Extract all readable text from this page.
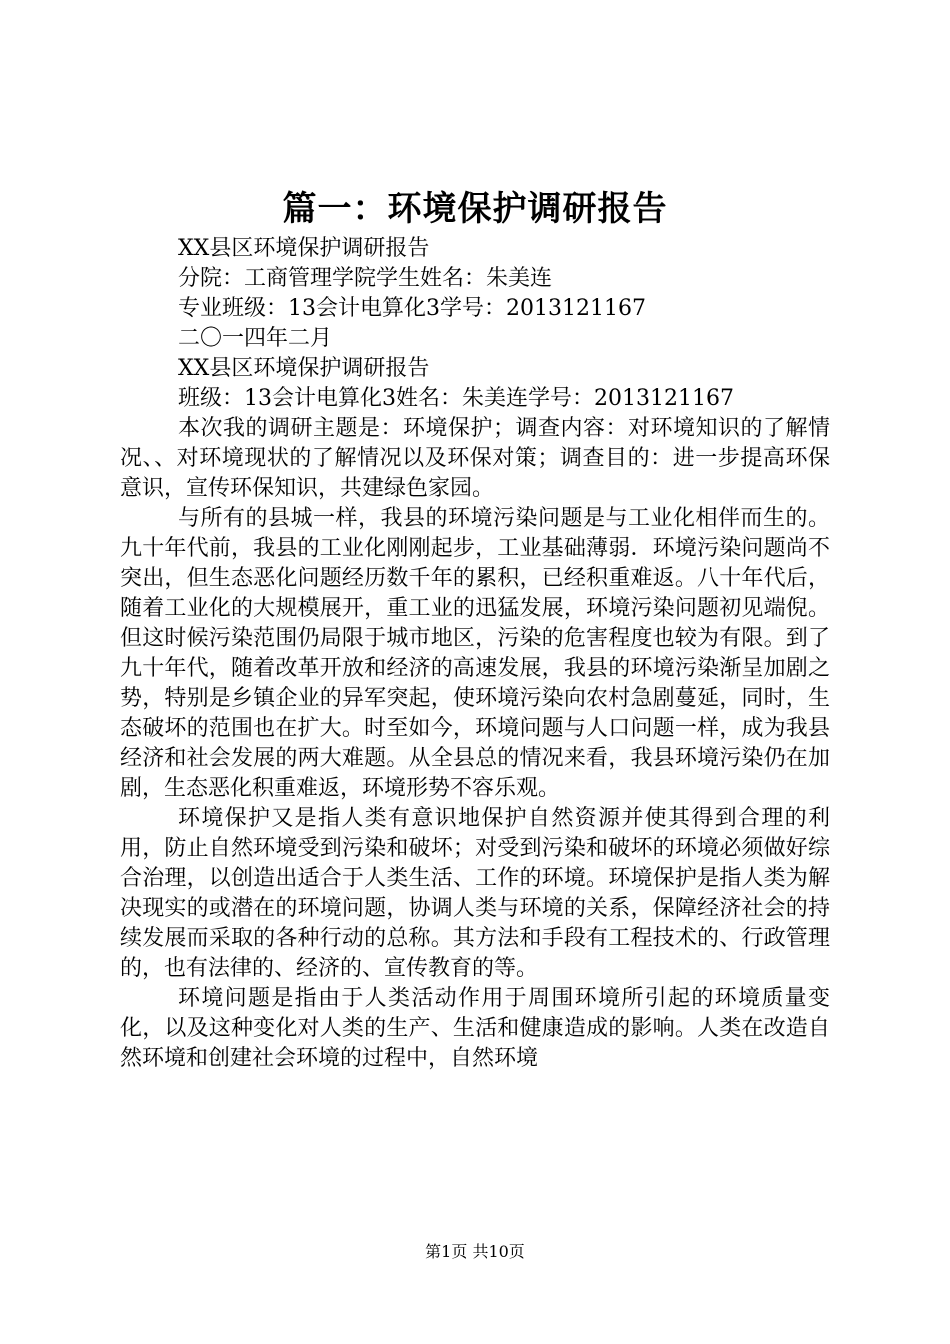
篇一：环境保护调研报告

XX县区环境保护调研报告

分院：工商管理学院学生姓名：朱美连

专业班级：13会计电算化3学号：2013121167

二〇一四年二月

XX县区环境保护调研报告

班级：13会计电算化3姓名：朱美连学号：2013121167

本次我的调研主题是：环境保护；调查内容：对环境知识的了解情况、、对环境现状的了解情况以及环保对策；调查目的：进一步提高环保意识，宣传环保知识，共建绿色家园。

与所有的县城一样，我县的环境污染问题是与工业化相伴而生的。九十年代前，我县的工业化刚刚起步，工业基础薄弱．环境污染问题尚不突出，但生态恶化问题经历数千年的累积，已经积重难返。八十年代后，随着工业化的大规模展开，重工业的迅猛发展，环境污染问题初见端倪。但这时候污染范围仍局限于城市地区，污染的危害程度也较为有限。到了九十年代，随着改革开放和经济的高速发展，我县的环境污染渐呈加剧之势，特别是乡镇企业的异军突起，使环境污染向农村急剧蔓延，同时，生态破坏的范围也在扩大。时至如今，环境问题与人口问题一样，成为我县经济和社会发展的两大难题。从全县总的情况来看，我县环境污染仍在加剧，生态恶化积重难返，环境形势不容乐观。

环境保护又是指人类有意识地保护自然资源并使其得到合理的利用，防止自然环境受到污染和破坏；对受到污染和破坏的环境必须做好综合治理，以创造出适合于人类生活、工作的环境。环境保护是指人类为解决现实的或潜在的环境问题，协调人类与环境的关系，保障经济社会的持续发展而采取的各种行动的总称。其方法和手段有工程技术的、行政管理的，也有法律的、经济的、宣传教育的等。

环境问题是指由于人类活动作用于周围环境所引起的环境质量变化，以及这种变化对人类的生产、生活和健康造成的影响。人类在改造自然环境和创建社会环境的过程中，自然环境

第1页 共10页
